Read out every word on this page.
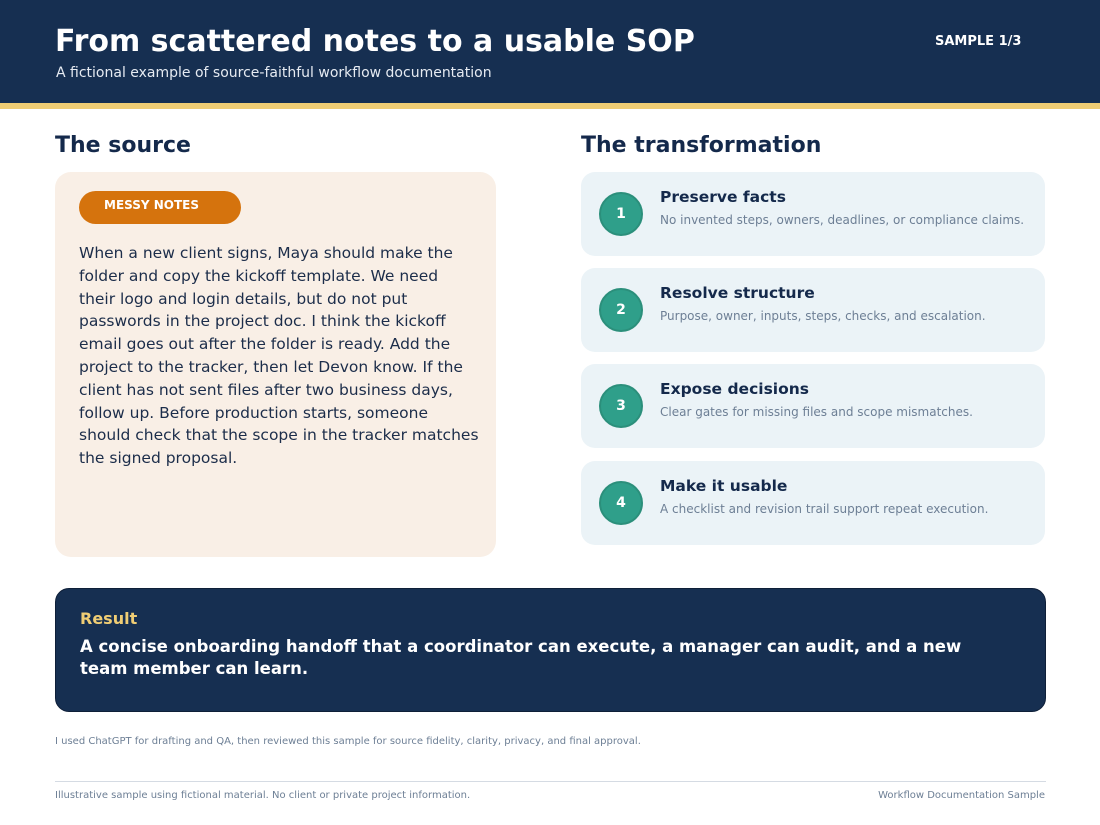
From scattered notes to a usable SOP
A fictional example of source-faithful workflow documentation
SAMPLE 1/3
The source	The transformation
MESSY NOTES
When a new client signs, Maya should make the folder and copy the kickoff template. We need their logo and login details, but do not put passwords in the project doc. I think the kickoff email goes out after the folder is ready. Add the project to the tracker, then let Devon know. If the client has not sent files after two business days, follow up. Before production starts, someone should check that the scope in the tracker matches the signed proposal.
1
Preserve facts
No invented steps, owners, deadlines, or compliance claims.
2
Resolve structure
Purpose, owner, inputs, steps, checks, and escalation.
3
Expose decisions
Clear gates for missing files and scope mismatches.
4
Make it usable
A checklist and revision trail support repeat execution.
Result
A concise onboarding handoff that a coordinator can execute, a manager can audit, and a new team member can learn.
I used ChatGPT for drafting and QA, then reviewed this sample for source fidelity, clarity, privacy, and final approval.
Illustrative sample using fictional material. No client or private project information.	Workflow Documentation Sample
